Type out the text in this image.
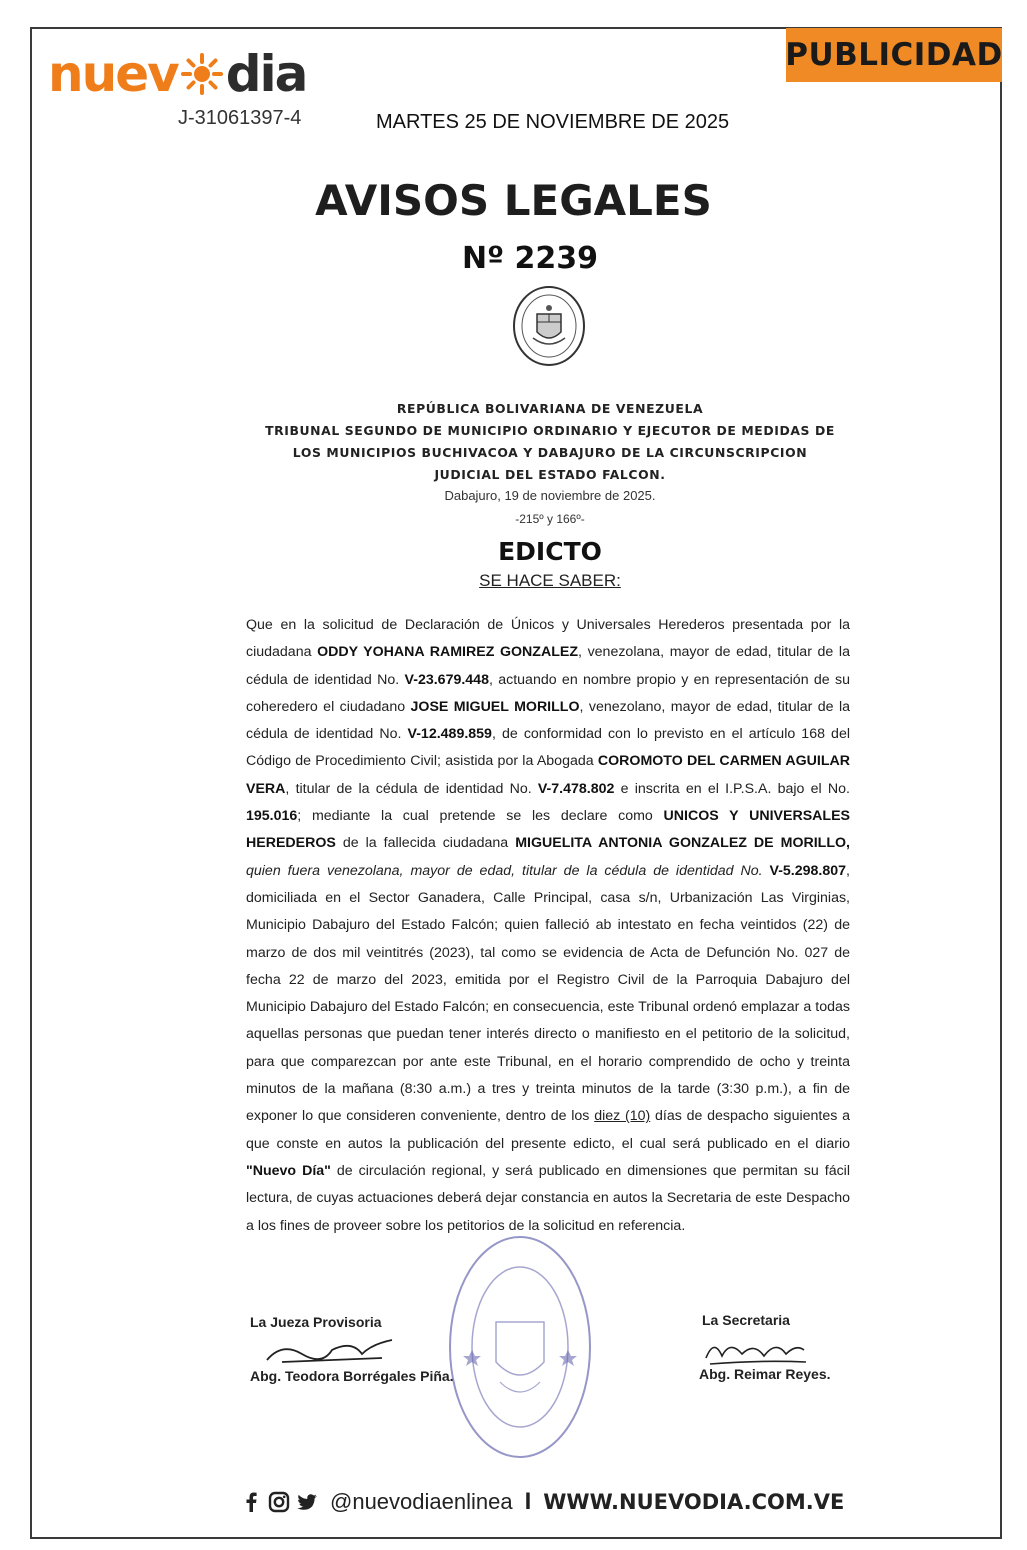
nuev dia
J-31061397-4	MARTES 25 DE NOVIEMBRE DE 2025
PUBLICIDAD
AVISOS LEGALES
Nº 2239
REPÚBLICA BOLIVARIANA DE VENEZUELA
TRIBUNAL SEGUNDO DE MUNICIPIO ORDINARIO Y EJECUTOR DE MEDIDAS DE
LOS MUNICIPIOS BUCHIVACOA Y DABAJURO DE LA CIRCUNSCRIPCION
JUDICIAL DEL ESTADO FALCON.
Dabajuro, 19 de noviembre de 2025.
-215º y 166º-
EDICTO
SE HACE SABER:

Que en la solicitud de Declaración de Únicos y Universales Herederos presentada por la ciudadana ODDY YOHANA RAMIREZ GONZALEZ, venezolana, mayor de edad, titular de la cédula de identidad No. V-23.679.448, actuando en nombre propio y en representación de su coheredero el ciudadano JOSE MIGUEL MORILLO, venezolano, mayor de edad, titular de la cédula de identidad No. V-12.489.859, de conformidad con lo previsto en el artículo 168 del Código de Procedimiento Civil; asistida por la Abogada COROMOTO DEL CARMEN AGUILAR VERA, titular de la cédula de identidad No. V-7.478.802 e inscrita en el I.P.S.A. bajo el No. 195.016; mediante la cual pretende se les declare como UNICOS Y UNIVERSALES HEREDEROS de la fallecida ciudadana MIGUELITA ANTONIA GONZALEZ DE MORILLO, quien fuera venezolana, mayor de edad, titular de la cédula de identidad No. V-5.298.807, domiciliada en el Sector Ganadera, Calle Principal, casa s/n, Urbanización Las Virginias, Municipio Dabajuro del Estado Falcón; quien falleció ab intestato en fecha veintidos (22) de marzo de dos mil veintitrés (2023), tal como se evidencia de Acta de Defunción No. 027 de fecha 22 de marzo del 2023, emitida por el Registro Civil de la Parroquia Dabajuro del Municipio Dabajuro del Estado Falcón; en consecuencia, este Tribunal ordenó emplazar a todas aquellas personas que puedan tener interés directo o manifiesto en el petitorio de la solicitud, para que comparezcan por ante este Tribunal, en el horario comprendido de ocho y treinta minutos de la mañana (8:30 a.m.) a tres y treinta minutos de la tarde (3:30 p.m.), a fin de exponer lo que consideren conveniente, dentro de los diez (10) días de despacho siguientes a que conste en autos la publicación del presente edicto, el cual será publicado en el diario "Nuevo Día" de circulación regional, y será publicado en dimensiones que permitan su fácil lectura, de cuyas actuaciones deberá dejar constancia en autos la Secretaria de este Despacho a los fines de proveer sobre los petitorios de la solicitud en referencia.

La Jueza Provisoria
Abg. Teodora Borrégales Piña.
La Secretaria
Abg. Reimar Reyes.
@nuevodiaenlinea I WWW.NUEVODIA.COM.VE
